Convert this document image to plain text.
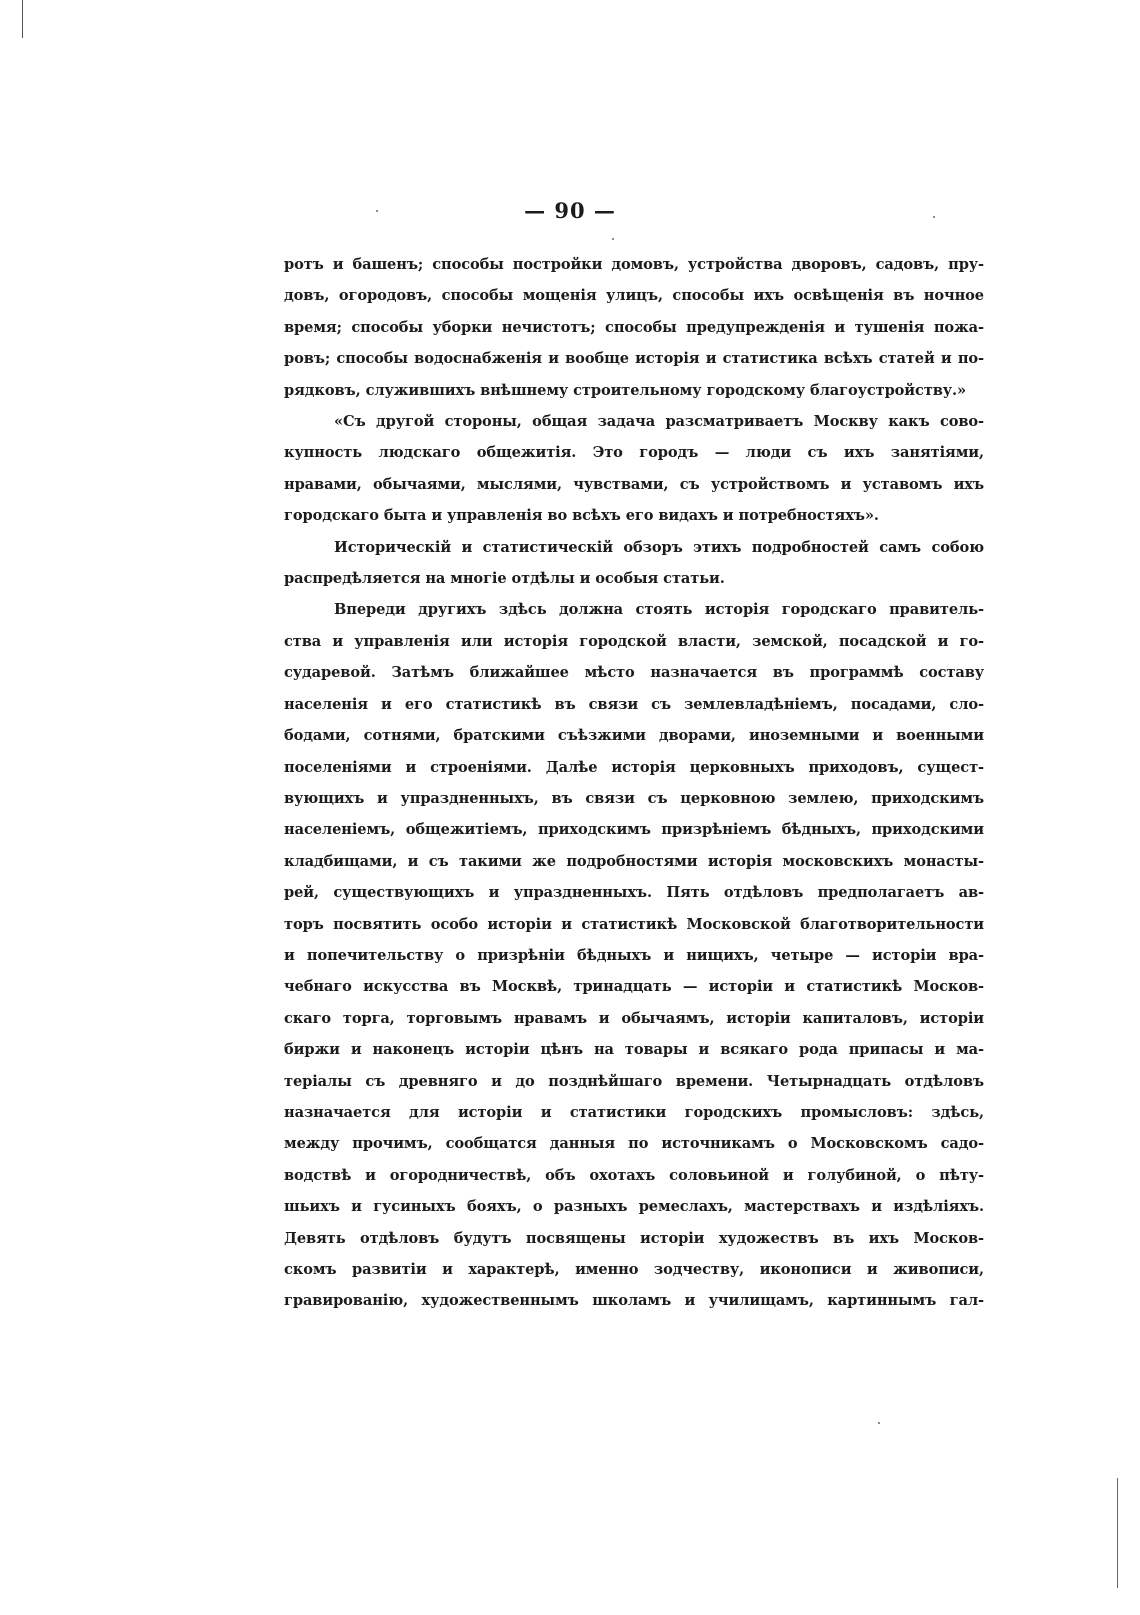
— 90 —
ротъ и башенъ; способы постройки домовъ, устройства дворовъ, садовъ, пру-
довъ, огородовъ, способы мощенія улицъ, способы ихъ освѣщенія въ ночное
время; способы уборки нечистотъ; способы предупрежденія и тушенія пожа-
ровъ; способы водоснабженія и вообще исторія и статистика всѣхъ статей и по-
рядковъ, служившихъ внѣшнему строительному городскому благоустройству.»
«Съ другой стороны, общая задача разсматриваетъ Москву какъ сово-
купность людскаго общежитія. Это городъ — люди съ ихъ занятіями,
нравами, обычаями, мыслями, чувствами, съ устройствомъ и уставомъ ихъ
городскаго быта и управленія во всѣхъ его видахъ и потребностяхъ».
Историческій и статистическій обзоръ этихъ подробностей самъ собою
распредѣляется на многіе отдѣлы и особыя статьи.
Впереди другихъ здѣсь должна стоять исторія городскаго правитель-
ства и управленія или исторія городской власти, земской, посадской и го-
сударевой. Затѣмъ ближайшее мѣсто назначается въ программѣ составу
населенія и его статистикѣ въ связи съ землевладѣніемъ, посадами, сло-
бодами, сотнями, братскими съѣзжими дворами, иноземными и военными
поселеніями и строеніями. Далѣе исторія церковныхъ приходовъ, сущест-
вующихъ и упраздненныхъ, въ связи съ церковною землею, приходскимъ
населеніемъ, общежитіемъ, приходскимъ призрѣніемъ бѣдныхъ, приходскими
кладбищами, и съ такими же подробностями исторія московскихъ монасты-
рей, существующихъ и упраздненныхъ. Пять отдѣловъ предполагаетъ ав-
торъ посвятить особо исторіи и статистикѣ Московской благотворительности
и попечительству о призрѣніи бѣдныхъ и нищихъ, четыре — исторіи вра-
чебнаго искусства въ Москвѣ, тринадцать — исторіи и статистикѣ Москов-
скаго торга, торговымъ нравамъ и обычаямъ, исторіи капиталовъ, исторіи
биржи и наконецъ исторіи цѣнъ на товары и всякаго рода припасы и ма-
теріалы съ древняго и до позднѣйшаго времени. Четырнадцать отдѣловъ
назначается для исторіи и статистики городскихъ промысловъ: здѣсь,
между прочимъ, сообщатся данныя по источникамъ о Московскомъ садо-
водствѣ и огородничествѣ, объ охотахъ соловьиной и голубиной, о пѣту-
шьихъ и гусиныхъ бояхъ, о разныхъ ремеслахъ, мастерствахъ и издѣліяхъ.
Девять отдѣловъ будутъ посвящены исторіи художествъ въ ихъ Москов-
скомъ развитіи и характерѣ, именно зодчеству, иконописи и живописи,
гравированію, художественнымъ школамъ и училищамъ, картиннымъ гал-
